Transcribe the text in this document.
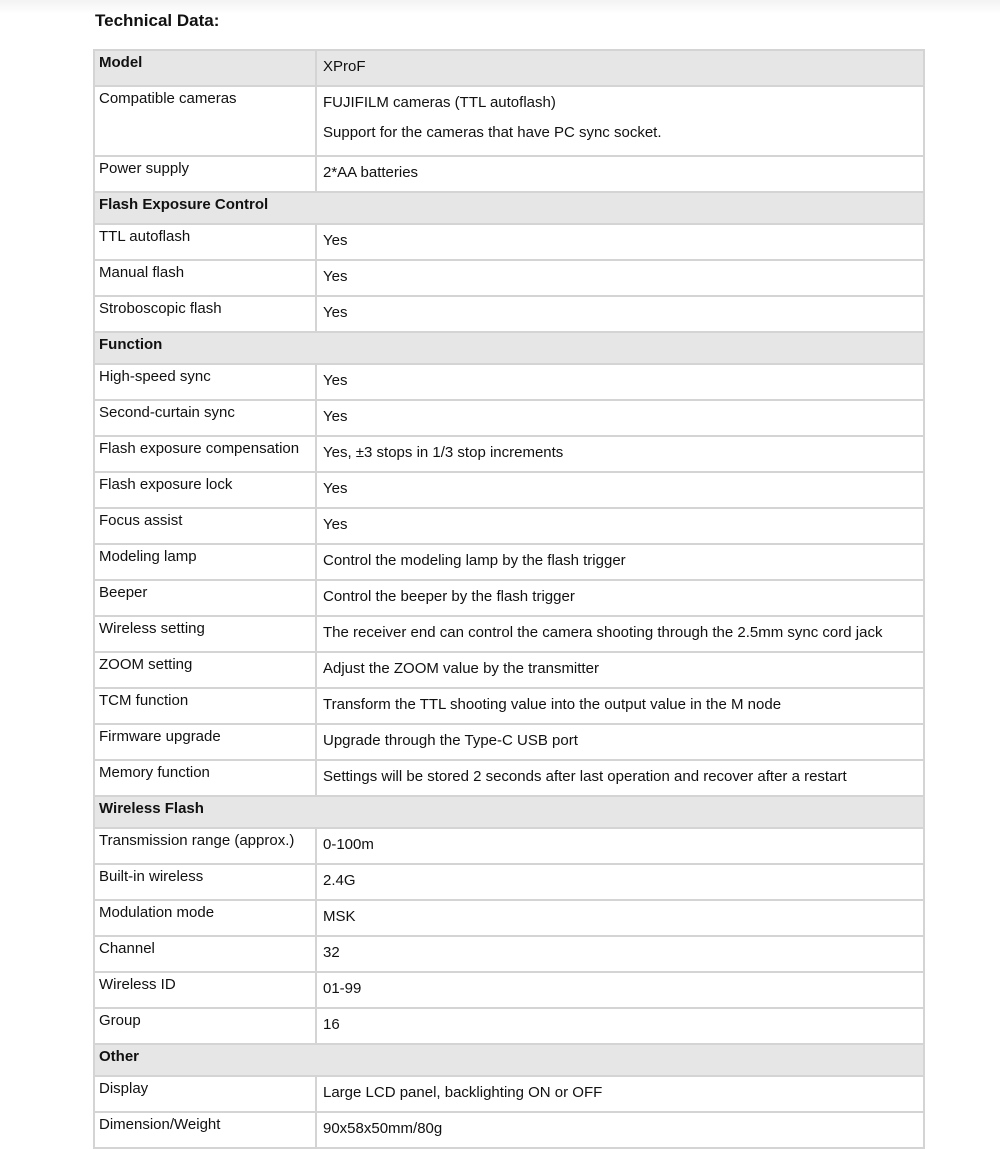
Technical Data:
Model	XProF
Compatible cameras	FUJIFILM cameras (TTL autoflash)
Support for the cameras that have PC sync socket.

Power supply	2*AA batteries
Flash Exposure Control	
TTL autoflash	Yes
Manual flash	Yes
Stroboscopic flash	Yes
Function	
High-speed sync	Yes
Second-curtain sync	Yes
Flash exposure compensation	Yes, ±3 stops in 1/3 stop increments
Flash exposure lock	Yes
Focus assist	Yes
Modeling lamp	Control the modeling lamp by the flash trigger
Beeper	Control the beeper by the flash trigger
Wireless setting	The receiver end can control the camera shooting through the 2.5mm sync cord jack
ZOOM setting	Adjust the ZOOM value by the transmitter
TCM function	Transform the TTL shooting value into the output value in the M node
Firmware upgrade	Upgrade through the Type-C USB port
Memory function	Settings will be stored 2 seconds after last operation and recover after a restart
Wireless Flash	
Transmission range (approx.)	0-100m
Built-in wireless	2.4G
Modulation mode	MSK
Channel	32
Wireless ID	01-99
Group	16
Other	
Display	Large LCD panel, backlighting ON or OFF
Dimension/Weight	90x58x50mm/80g
